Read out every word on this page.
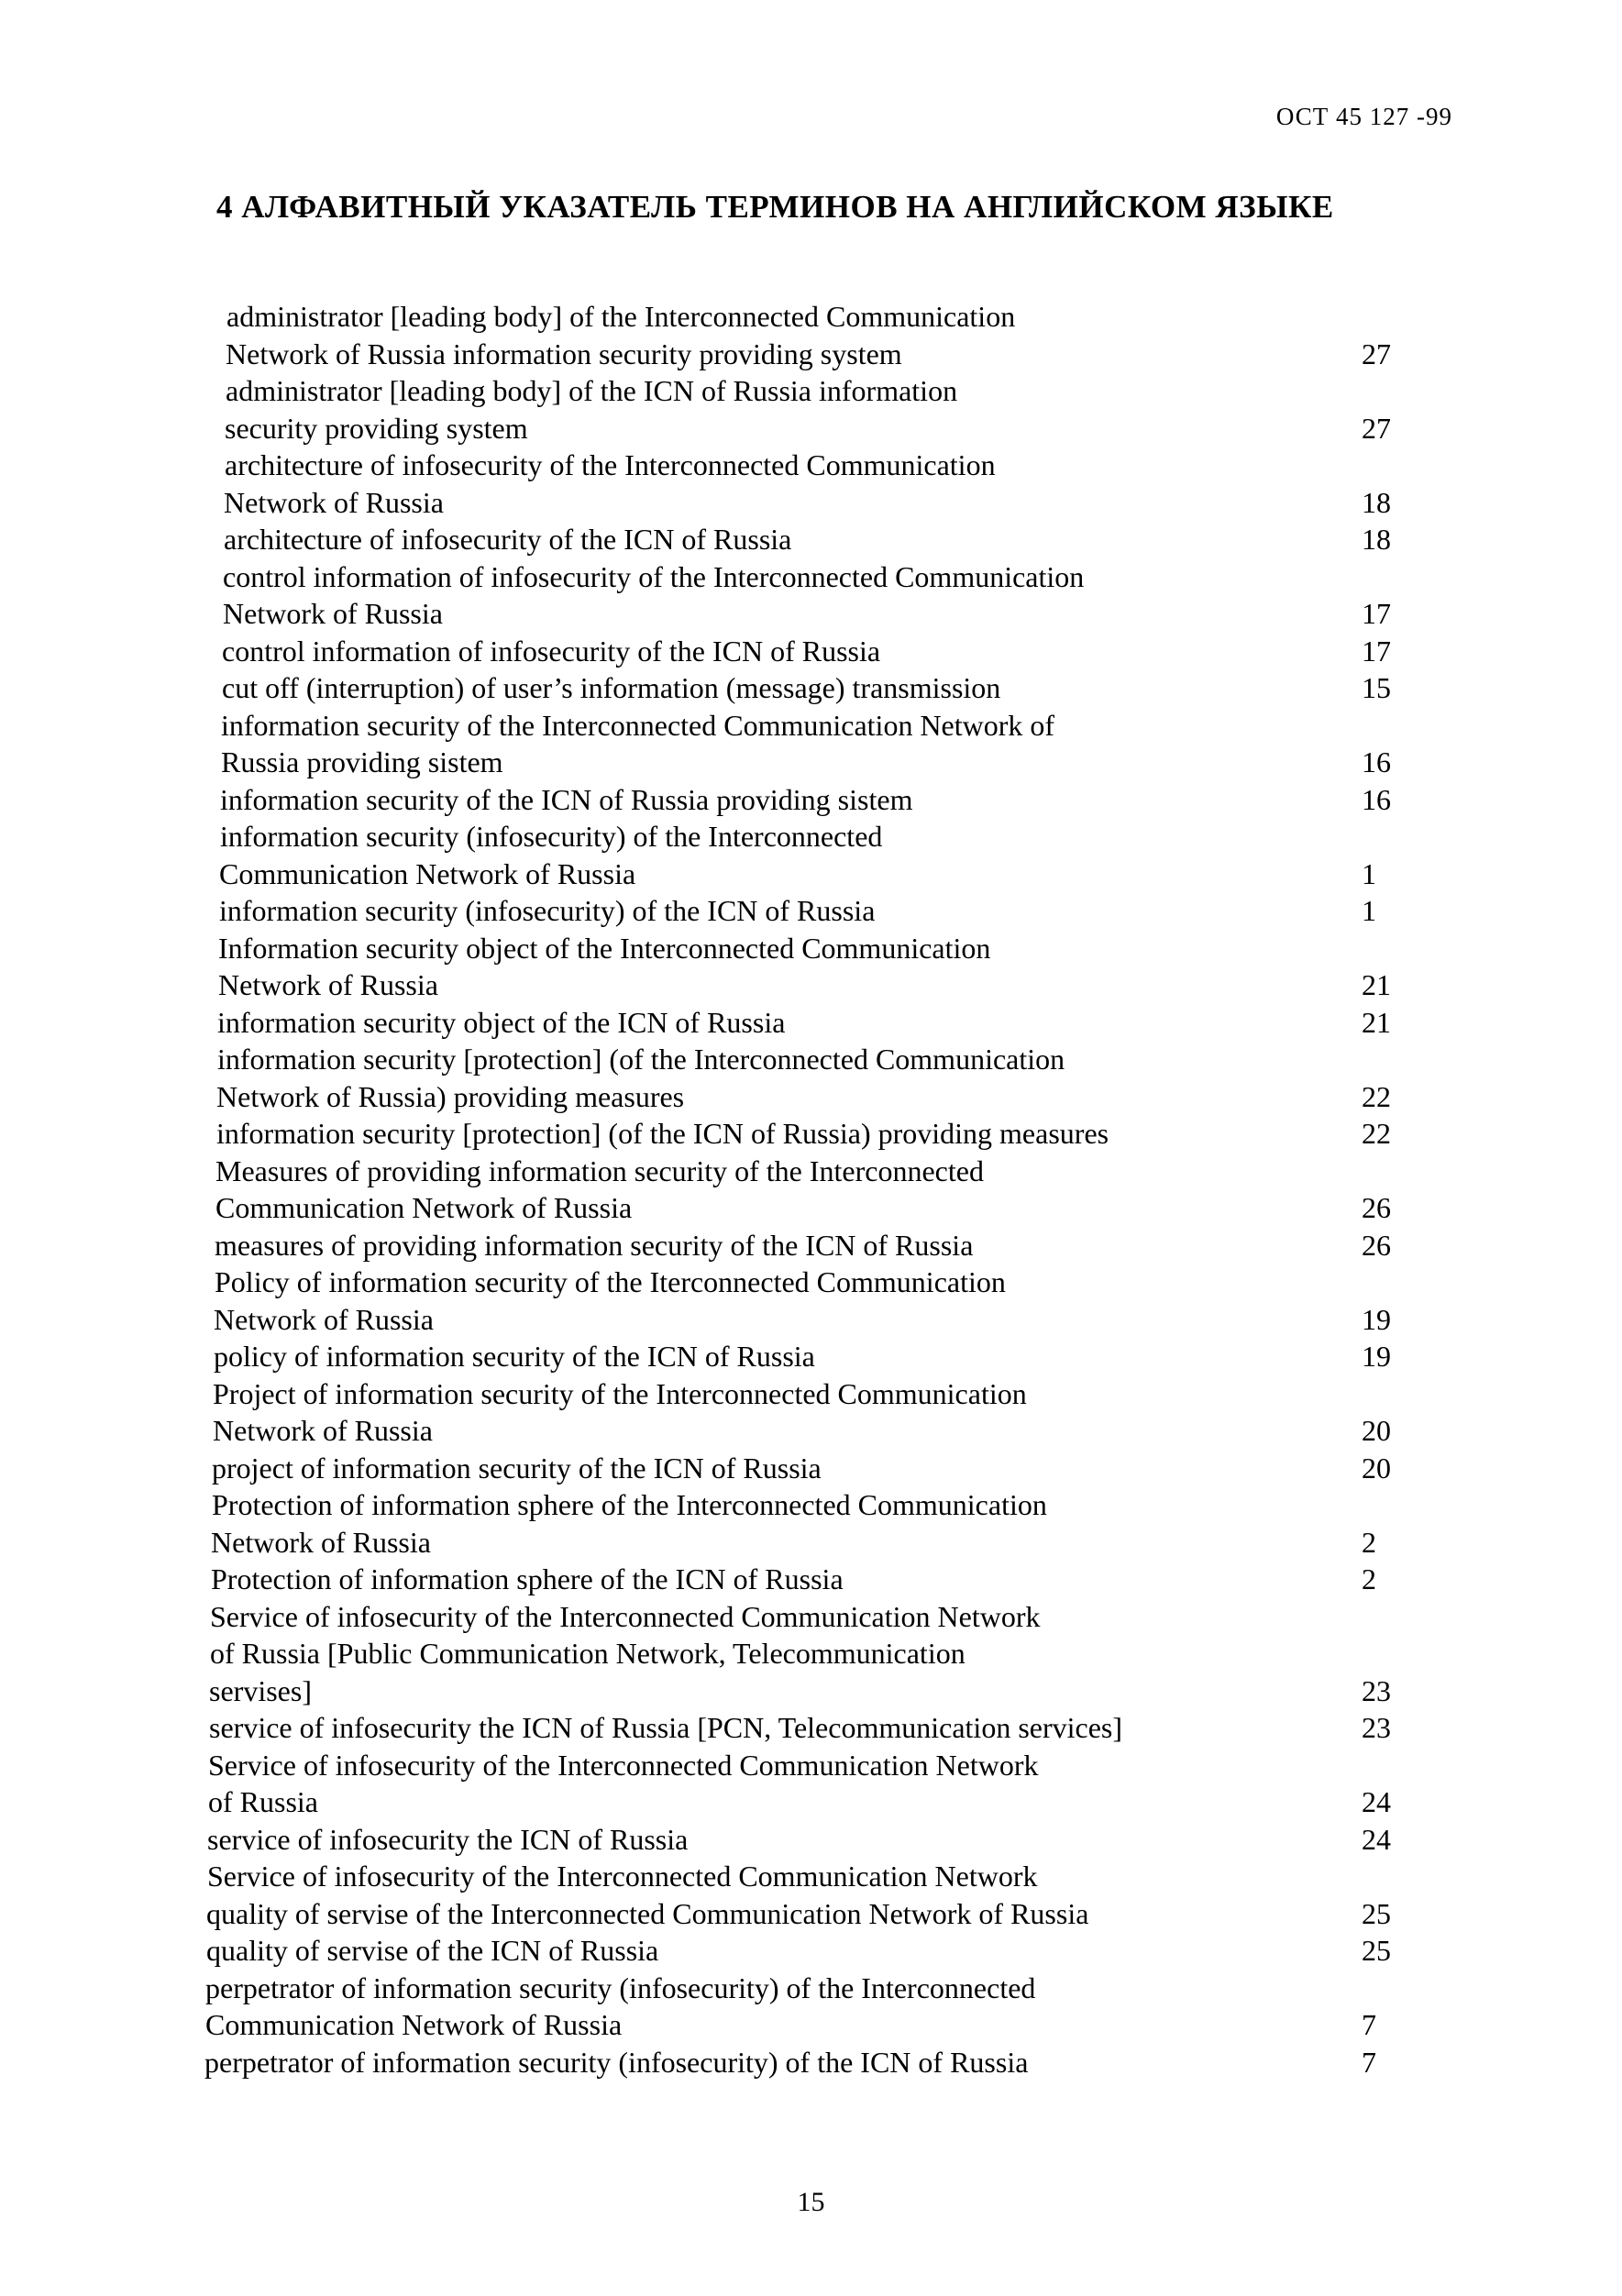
ОСТ 45 127 -99
4 АЛФАВИТНЫЙ УКАЗАТЕЛЬ ТЕРМИНОВ НА АНГЛИЙСКОМ ЯЗЫКЕ
administrator [leading body] of the Interconnected Communication
Network of Russia information security providing system	27
administrator [leading body] of the ICN of Russia information
security providing system	27
architecture of infosecurity of the Interconnected Communication
Network of Russia	18
architecture of infosecurity of the ICN of Russia	18
control information of infosecurity of the Interconnected Communication
Network of Russia	17
control information of infosecurity of the ICN of Russia	17
cut off (interruption) of user’s information (message) transmission	15
information security of the Interconnected Communication Network of
Russia providing sistem	16
information security of the ICN of Russia providing sistem	16
information security (infosecurity) of the Interconnected
Communication Network of Russia	1
information security (infosecurity) of the ICN of Russia	1
Information security object of the Interconnected Communication
Network of Russia	21
information security object of the ICN of Russia	21
information security [protection] (of the Interconnected Communication
Network of Russia) providing measures	22
information security [protection] (of the ICN of Russia) providing measures	22
Measures of providing information security of the Interconnected
Communication Network of Russia	26
measures of providing information security of the ICN of Russia	26
Policy of information security of the Iterconnected Communication
Network of Russia	19
policy of information security of the ICN of Russia	19
Project of information security of the Interconnected Communication
Network of Russia	20
project of information security of the ICN of Russia	20
Protection of information sphere of the Interconnected Communication
Network of Russia	2
Protection of information sphere of the ICN of Russia	2
Service of infosecurity of the Interconnected Communication Network
of Russia [Public Communication Network, Telecommunication
servises]	23
service of infosecurity the ICN of Russia [PCN, Telecommunication services]	23
Service of infosecurity of the Interconnected Communication Network
of Russia	24
service of infosecurity the ICN of Russia	24
Service of infosecurity of the Interconnected Communication Network
quality of servise of the Interconnected Communication Network of Russia	25
quality of servise of the ICN of Russia	25
perpetrator of information security (infosecurity) of the Interconnected
Communication Network of Russia	7
perpetrator of information security (infosecurity) of the ICN of Russia	7
15
